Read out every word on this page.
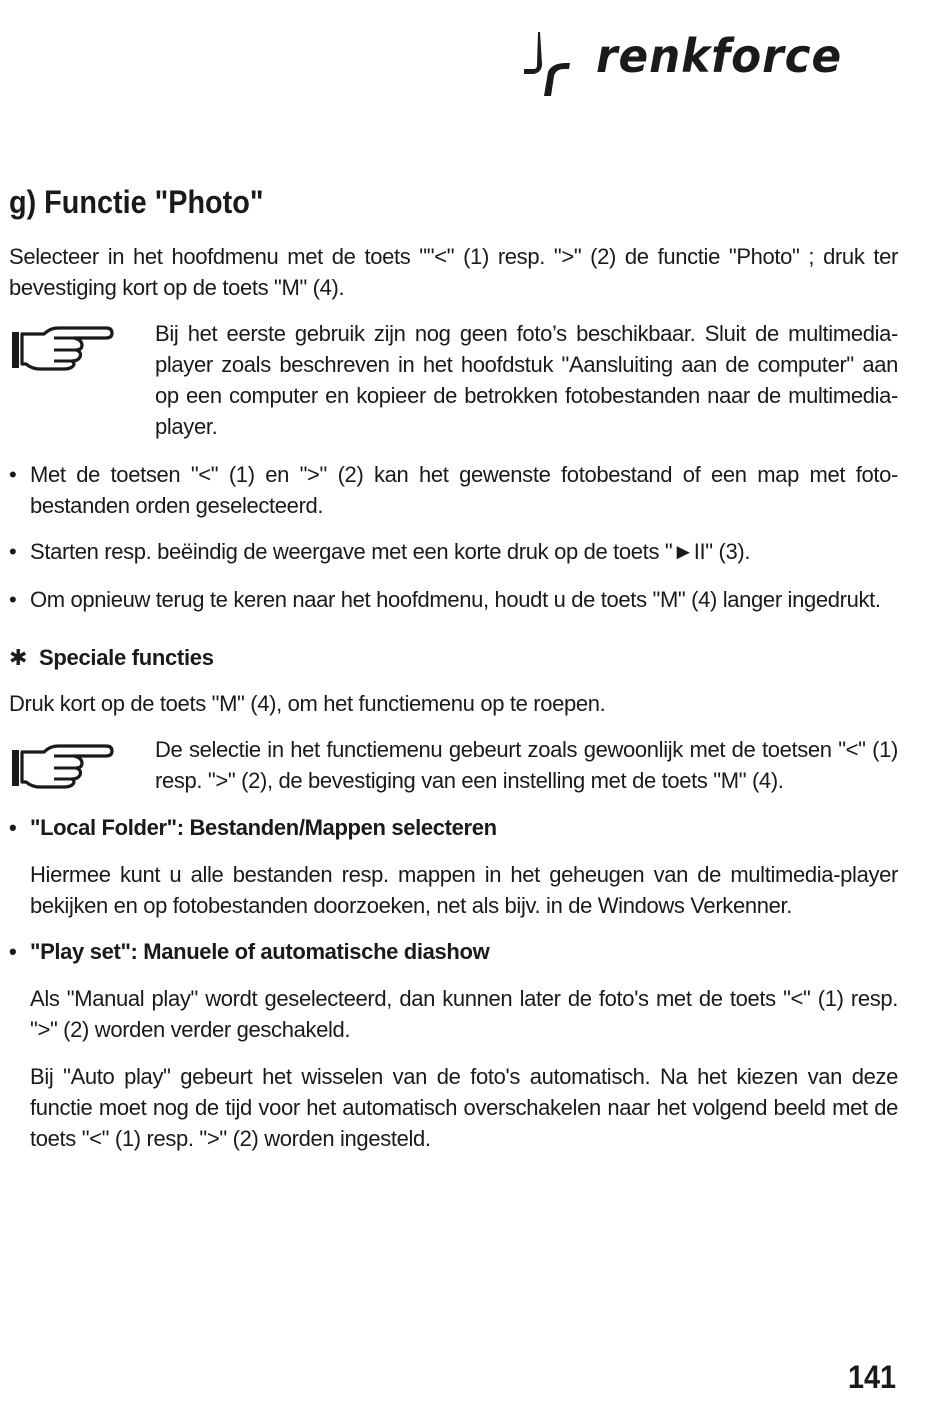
renkforce
g) Functie "Photo"
Selecteer in het hoofdmenu met de toets ""<" (1) resp. ">" (2) de functie "Photo" ; druk ter bevestiging kort op de toets "M" (4).
Bij het eerste gebruik zijn nog geen foto’s beschikbaar. Sluit de multimedia-player zoals beschreven in het hoofdstuk "Aansluiting aan de computer" aan op een computer en kopieer de betrokken fotobestanden naar de multimedia-player.
• Met de toetsen "<" (1) en ">" (2) kan het gewenste fotobestand of een map met foto-bestanden orden geselecteerd.
• Starten resp. beëindig de weergave met een korte druk op de toets "►II" (3).
• Om opnieuw terug te keren naar het hoofdmenu, houdt u de toets "M" (4) langer ingedrukt.
✱ Speciale functies
Druk kort op de toets "M" (4), om het functiemenu op te roepen.
De selectie in het functiemenu gebeurt zoals gewoonlijk met de toetsen "<" (1) resp. ">" (2), de bevestiging van een instelling met de toets "M" (4).
• "Local Folder": Bestanden/Mappen selecteren
Hiermee kunt u alle bestanden resp. mappen in het geheugen van de multimedia-player bekijken en op fotobestanden doorzoeken, net als bijv. in de Windows Verkenner.
• "Play set": Manuele of automatische diashow
Als "Manual play" wordt geselecteerd, dan kunnen later de foto's met de toets "<" (1) resp. ">" (2) worden verder geschakeld.
Bij "Auto play" gebeurt het wisselen van de foto's automatisch. Na het kiezen van deze functie moet nog de tijd voor het automatisch overschakelen naar het volgend beeld met de toets "<" (1) resp. ">" (2) worden ingesteld.
141
